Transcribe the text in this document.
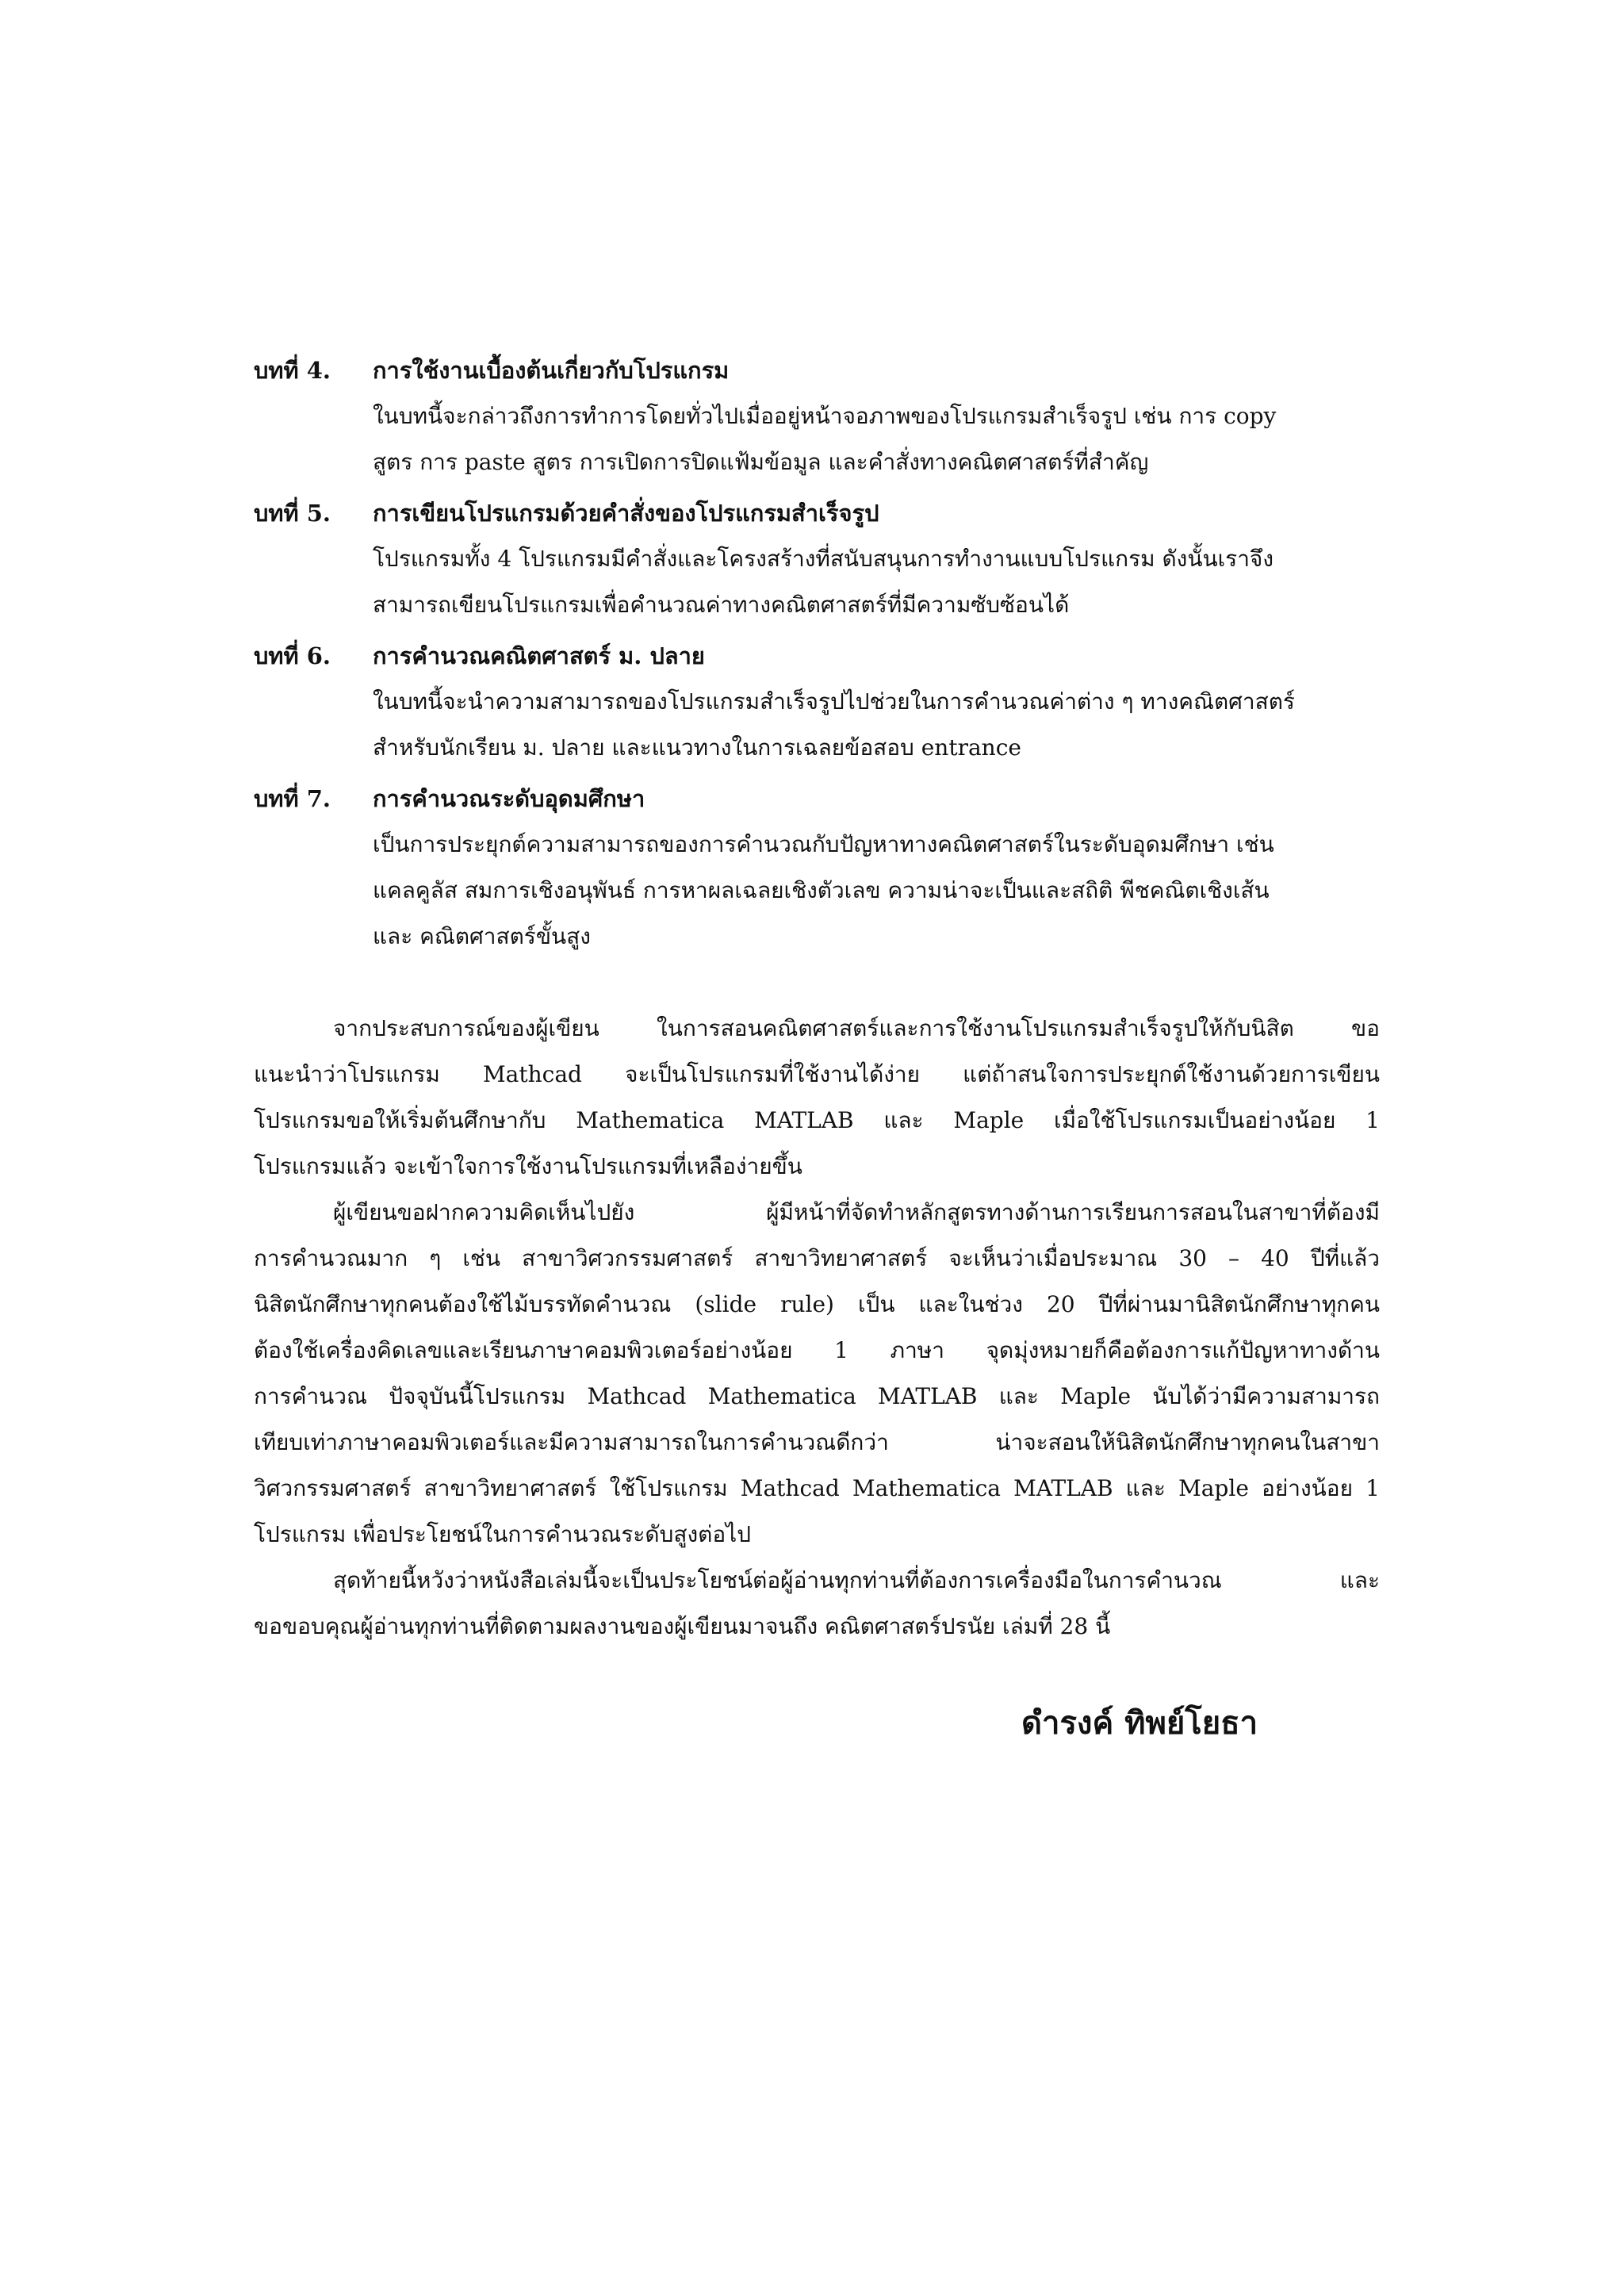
บทที่ 4.	การใช้งานเบื้องต้นเกี่ยวกับโปรแกรม
ในบทนี้จะกล่าวถึงการทำการโดยทั่วไปเมื่ออยู่หน้าจอภาพของโปรแกรมสำเร็จรูป เช่น การ copy
สูตร การ paste สูตร การเปิดการปิดแฟ้มข้อมูล และคำสั่งทางคณิตศาสตร์ที่สำคัญ
บทที่ 5.	การเขียนโปรแกรมด้วยคำสั่งของโปรแกรมสำเร็จรูป
โปรแกรมทั้ง 4 โปรแกรมมีคำสั่งและโครงสร้างที่สนับสนุนการทำงานแบบโปรแกรม ดังนั้นเราจึง
สามารถเขียนโปรแกรมเพื่อคำนวณค่าทางคณิตศาสตร์ที่มีความซับซ้อนได้
บทที่ 6.	การคำนวณคณิตศาสตร์ ม. ปลาย
ในบทนี้จะนำความสามารถของโปรแกรมสำเร็จรูปไปช่วยในการคำนวณค่าต่าง ๆ ทางคณิตศาสตร์
สำหรับนักเรียน ม. ปลาย และแนวทางในการเฉลยข้อสอบ entrance
บทที่ 7.	การคำนวณระดับอุดมศึกษา
เป็นการประยุกต์ความสามารถของการคำนวณกับปัญหาทางคณิตศาสตร์ในระดับอุดมศึกษา เช่น
แคลคูลัส สมการเชิงอนุพันธ์ การหาผลเฉลยเชิงตัวเลข ความน่าจะเป็นและสถิติ พีชคณิตเชิงเส้น
และ คณิตศาสตร์ขั้นสูง
จากประสบการณ์ของผู้เขียน ในการสอนคณิตศาสตร์และการใช้งานโปรแกรมสำเร็จรูปให้กับนิสิต ขอ
แนะนำว่าโปรแกรม Mathcad จะเป็นโปรแกรมที่ใช้งานได้ง่าย แต่ถ้าสนใจการประยุกต์ใช้งานด้วยการเขียน
โปรแกรมขอให้เริ่มต้นศึกษากับ Mathematica MATLAB และ Maple เมื่อใช้โปรแกรมเป็นอย่างน้อย 1
โปรแกรมแล้ว จะเข้าใจการใช้งานโปรแกรมที่เหลือง่ายขึ้น
ผู้เขียนขอฝากความคิดเห็นไปยัง ผู้มีหน้าที่จัดทำหลักสูตรทางด้านการเรียนการสอนในสาขาที่ต้องมี
การคำนวณมาก ๆ เช่น สาขาวิศวกรรมศาสตร์ สาขาวิทยาศาสตร์ จะเห็นว่าเมื่อประมาณ 30 – 40 ปีที่แล้ว
นิสิตนักศึกษาทุกคนต้องใช้ไม้บรรทัดคำนวณ (slide rule) เป็น และในช่วง 20 ปีที่ผ่านมานิสิตนักศึกษาทุกคน
ต้องใช้เครื่องคิดเลขและเรียนภาษาคอมพิวเตอร์อย่างน้อย 1 ภาษา จุดมุ่งหมายก็คือต้องการแก้ปัญหาทางด้าน
การคำนวณ ปัจจุบันนี้โปรแกรม Mathcad Mathematica MATLAB และ Maple นับได้ว่ามีความสามารถ
เทียบเท่าภาษาคอมพิวเตอร์และมีความสามารถในการคำนวณดีกว่า น่าจะสอนให้นิสิตนักศึกษาทุกคนในสาขา
วิศวกรรมศาสตร์ สาขาวิทยาศาสตร์ ใช้โปรแกรม Mathcad Mathematica MATLAB และ Maple อย่างน้อย 1
โปรแกรม เพื่อประโยชน์ในการคำนวณระดับสูงต่อไป
สุดท้ายนี้หวังว่าหนังสือเล่มนี้จะเป็นประโยชน์ต่อผู้อ่านทุกท่านที่ต้องการเครื่องมือในการคำนวณ และ
ขอขอบคุณผู้อ่านทุกท่านที่ติดตามผลงานของผู้เขียนมาจนถึง คณิตศาสตร์ปรนัย เล่มที่ 28 นี้
ดำรงค์ ทิพย์โยธา
